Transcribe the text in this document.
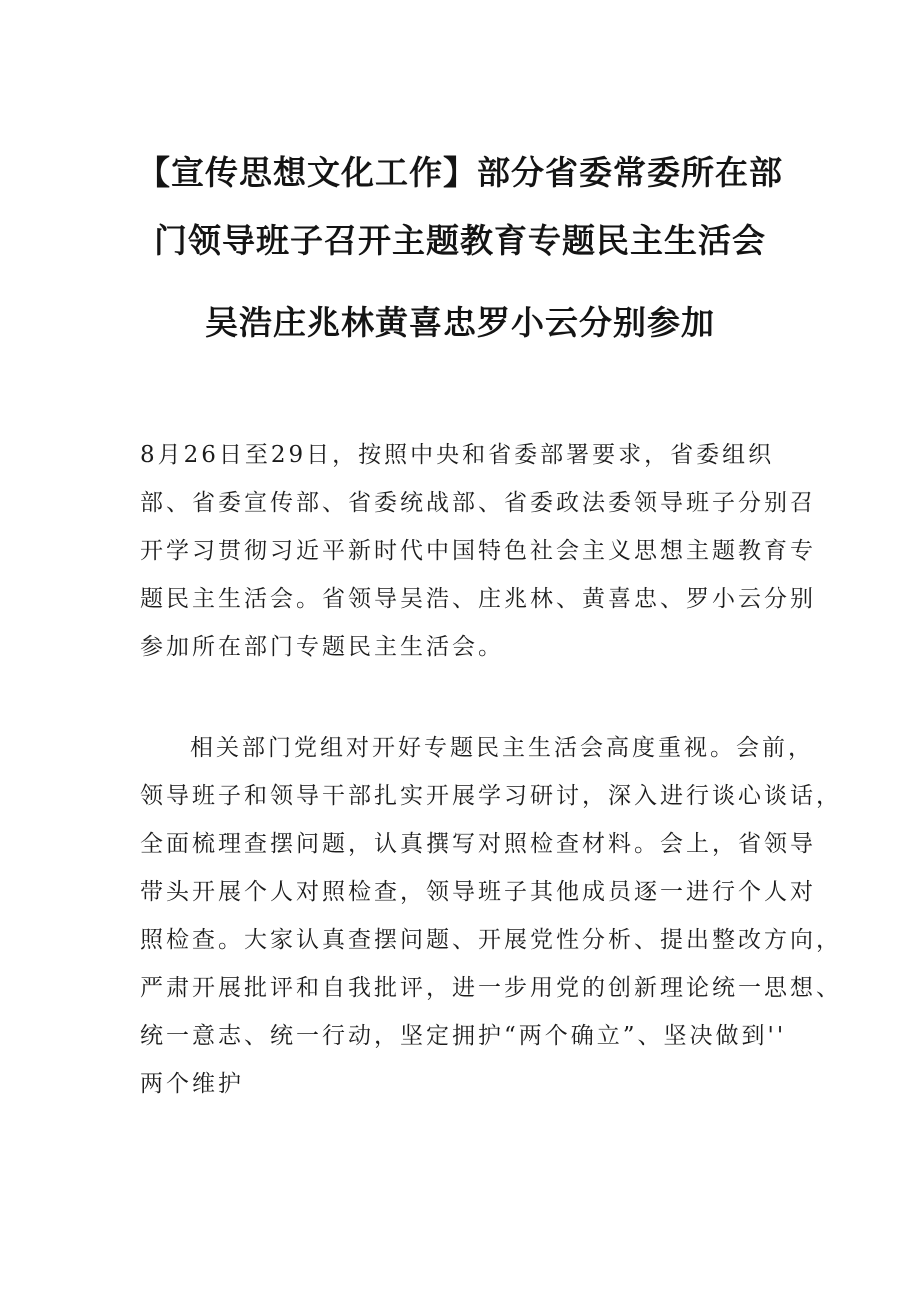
【宣传思想文化工作】部分省委常委所在部
门领导班子召开主题教育专题民主生活会
吴浩庄兆林黄喜忠罗小云分别参加
8月26日至29日，按照中央和省委部署要求，省委组织
部、省委宣传部、省委统战部、省委政法委领导班子分别召
开学习贯彻习近平新时代中国特色社会主义思想主题教育专
题民主生活会。省领导吴浩、庄兆林、黄喜忠、罗小云分别
参加所在部门专题民主生活会。
相关部门党组对开好专题民主生活会高度重视。会前，
领导班子和领导干部扎实开展学习研讨，深入进行谈心谈话，
全面梳理查摆问题，认真撰写对照检查材料。会上，省领导
带头开展个人对照检查，领导班子其他成员逐一进行个人对
照检查。大家认真查摆问题、开展党性分析、提出整改方向，
严肃开展批评和自我批评，进一步用党的创新理论统一思想、
统一意志、统一行动，坚定拥护“两个确立”、坚决做到''
两个维护
